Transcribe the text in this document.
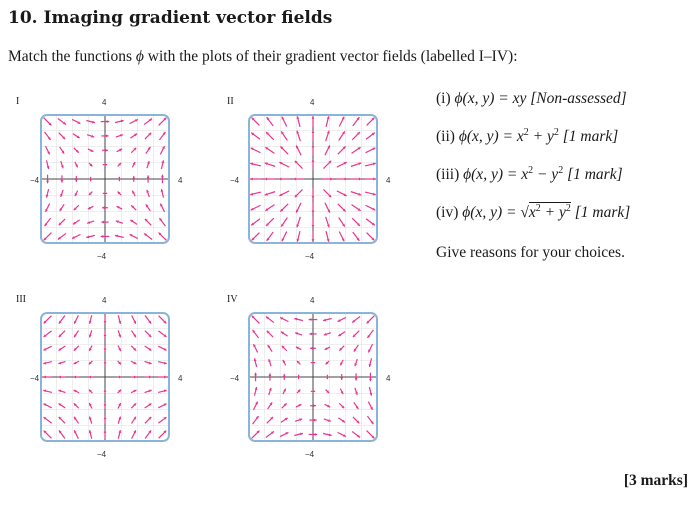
10. Imaging gradient vector fields
Match the functions ϕ with the plots of their gradient vector fields (labelled I–IV):
I	4
−4
−4	4
II	4
−4
−4	4
III	4
−4
−4	4
IV	4
−4
−4	4
(i) ϕ(x, y) = xy [Non-assessed]
(ii) ϕ(x, $y) = x^2 + y^2$ [1 mark]
(iii) ϕ(x, $y) = x^2 - y^2$ [1 mark]
(iv) ϕ(x, $y) = √x^2 + y^2$ [1 mark]
Give reasons for your choices.
[3 marks]
